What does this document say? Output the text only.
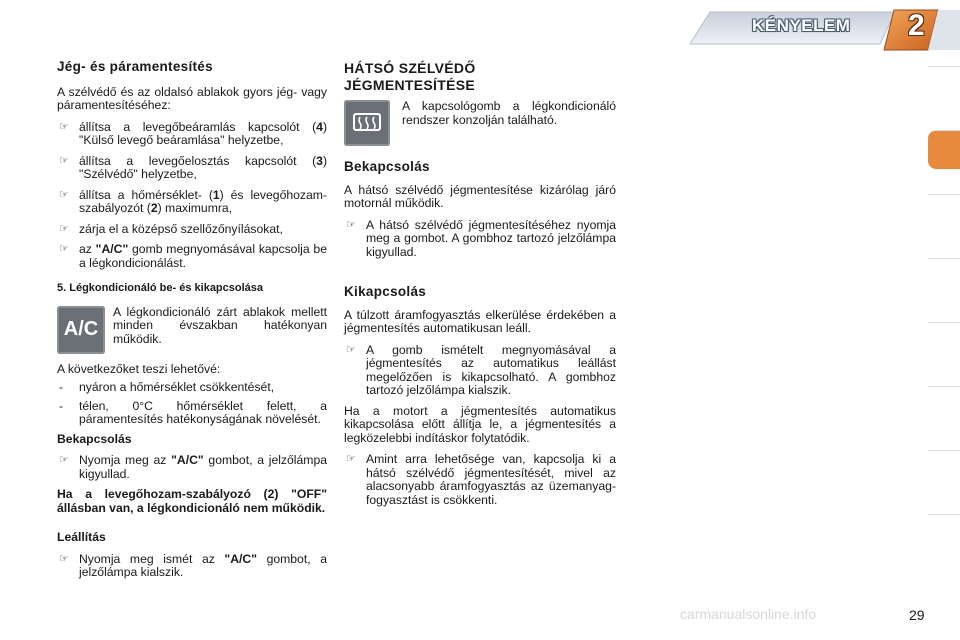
KÉNYELEM 2
Jég- és páramentesítés

A szélvédő és az oldalsó ablakok gyors jég- vagy páramentesítéséhez:

☞ állítsa a levegőbeáramlás kapcsolót (4) "Külső levegő beáramlása" helyzetbe,
☞ állítsa a levegőelosztás kapcsolót (3) "Szélvédő" helyzetbe,
☞ állítsa a hőmérséklet- (1) és levegőhozam-szabályozót (2) maximumra,
☞ zárja el a középső szellőzőnyílásokat,
☞ az "A/C" gomb megnyomásával kapcsolja be a légkondicionálást.
5. Légkondicionáló be- és kikapcsolása
A/C
A légkondicionáló zárt ablakok mellett minden évszakban hatékonyan működik.

A következőket teszi lehetővé:

- nyáron a hőmérséklet csökkentését,
- télen, 0°C hőmérséklet felett, a páramentesítés hatékonyságának növelését.

Bekapcsolás

☞ Nyomja meg az "A/C" gombot, a jelzőlámpa kigyullad.

Ha a levegőhozam-szabályozó (2) "OFF" állásban van, a légkondicionáló nem működik.

Leállítás

☞ Nyomja meg ismét az "A/C" gombot, a jelzőlámpa kialszik.
HÁTSÓ SZÉLVÉDŐ JÉGMENTESÍTÉSE
A kapcsológomb a légkondicionáló rendszer konzolján található.
Bekapcsolás

A hátsó szélvédő jégmentesítése kizárólag járó motornál működik.

☞ A hátsó szélvédő jégmentesítéséhez nyomja meg a gombot. A gombhoz tartozó jelzőlámpa kigyullad.
Kikapcsolás

A túlzott áramfogyasztás elkerülése érdekében a jégmentesítés automatikusan leáll.

☞ A gomb ismételt megnyomásával a jégmentesítés az automatikus leállást megelőzően is kikapcsolható. A gombhoz tartozó jelzőlámpa kialszik.

Ha a motort a jégmentesítés automatikus kikapcsolása előtt állítja le, a jégmentesítés a legközelebbi indításkor folytatódik.

☞ Amint arra lehetősége van, kapcsolja ki a hátsó szélvédő jégmentesítését, mivel az alacsonyabb áramfogyasztás az üzemanyag-fogyasztást is csökkenti.
carmanualsonline.info	29
